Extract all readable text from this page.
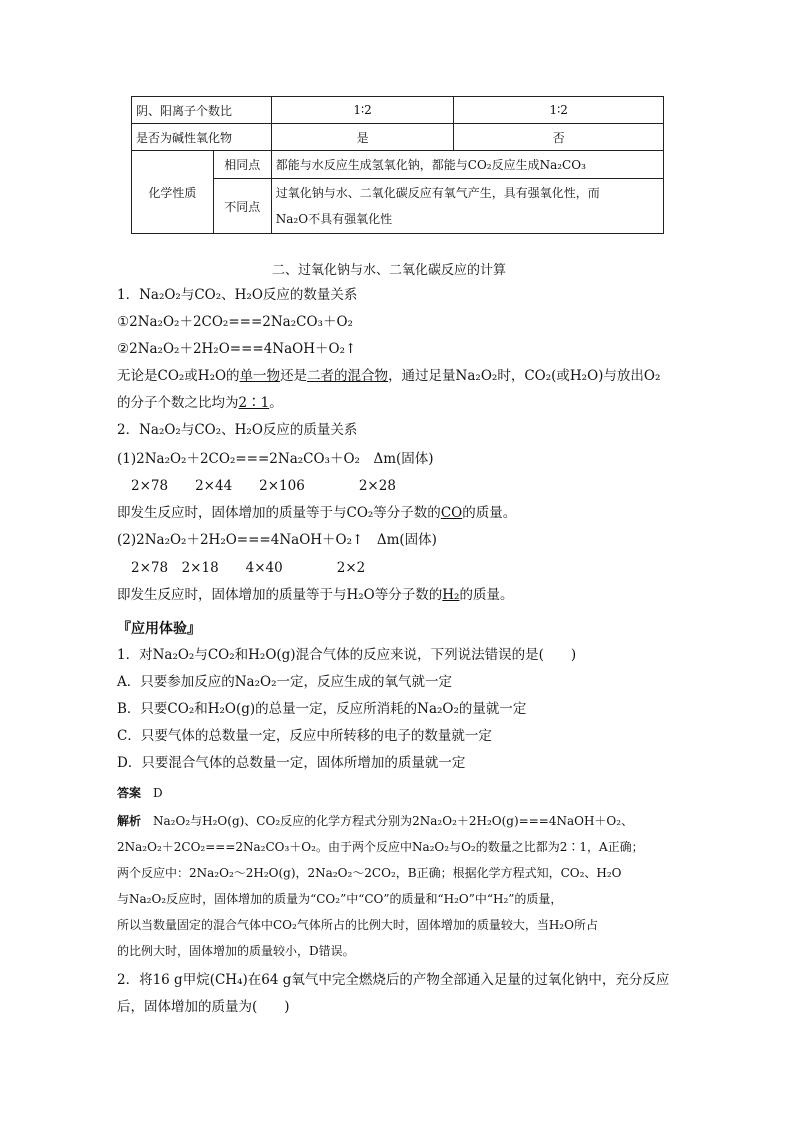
阴、阳离子个数比		1∶2	1∶2
是否为碱性氧化物		是	否
化学性质	相同点	都能与水反应生成氢氧化钠，都能与CO₂反应生成Na₂CO₃	
	不同点	过氧化钠与水、二氧化碳反应有氧气产生，具有强氧化性，而
Na₂O不具有强氧化性	
二、过氧化钠与水、二氧化碳反应的计算
1．Na₂O₂与CO₂、H₂O反应的数量关系
①2Na₂O₂＋2CO₂===2Na₂CO₃＋O₂
②2Na₂O₂＋2H₂O===4NaOH＋O₂↑
无论是CO₂或H₂O的单一物还是二者的混合物，通过足量Na₂O₂时，CO₂(或H₂O)与放出O₂
的分子个数之比均为2∶1。
2．Na₂O₂与CO₂、H₂O反应的质量关系
(1)2Na₂O₂＋2CO₂===2Na₂CO₃＋O₂　Δm(固体)
2×78　　2×44　　2×106　　　　2×28
即发生反应时，固体增加的质量等于与CO₂等分子数的CO的质量。
(2)2Na₂O₂＋2H₂O===4NaOH＋O₂↑　Δm(固体)
2×78　2×18　　4×40　　　　2×2
即发生反应时，固体增加的质量等于与H₂O等分子数的H₂的质量。
『应用体验』
1．对Na₂O₂与CO₂和H₂O(g)混合气体的反应来说，下列说法错误的是(　　)
A．只要参加反应的Na₂O₂一定，反应生成的氧气就一定
B．只要CO₂和H₂O(g)的总量一定，反应所消耗的Na₂O₂的量就一定
C．只要气体的总数量一定，反应中所转移的电子的数量就一定
D．只要混合气体的总数量一定，固体所增加的质量就一定
答案　 D
解析　 Na₂O₂与H₂O(g)、CO₂反应的化学方程式分别为2Na₂O₂＋2H₂O(g)===4NaOH＋O₂、
2Na₂O₂＋2CO₂===2Na₂CO₃＋O₂。由于两个反应中Na₂O₂与O₂的数量之比都为2∶1，A正确；
两个反应中：2Na₂O₂～2H₂O(g)，2Na₂O₂～2CO₂，B正确；根据化学方程式知，CO₂、H₂O
与Na₂O₂反应时，固体增加的质量为“CO₂”中“CO”的质量和“H₂O”中“H₂”的质量，
所以当数量固定的混合气体中CO₂气体所占的比例大时，固体增加的质量较大，当H₂O所占
的比例大时，固体增加的质量较小，D错误。
2．将16 g甲烷(CH₄)在64 g氧气中完全燃烧后的产物全部通入足量的过氧化钠中，充分反应
后，固体增加的质量为(　　)
